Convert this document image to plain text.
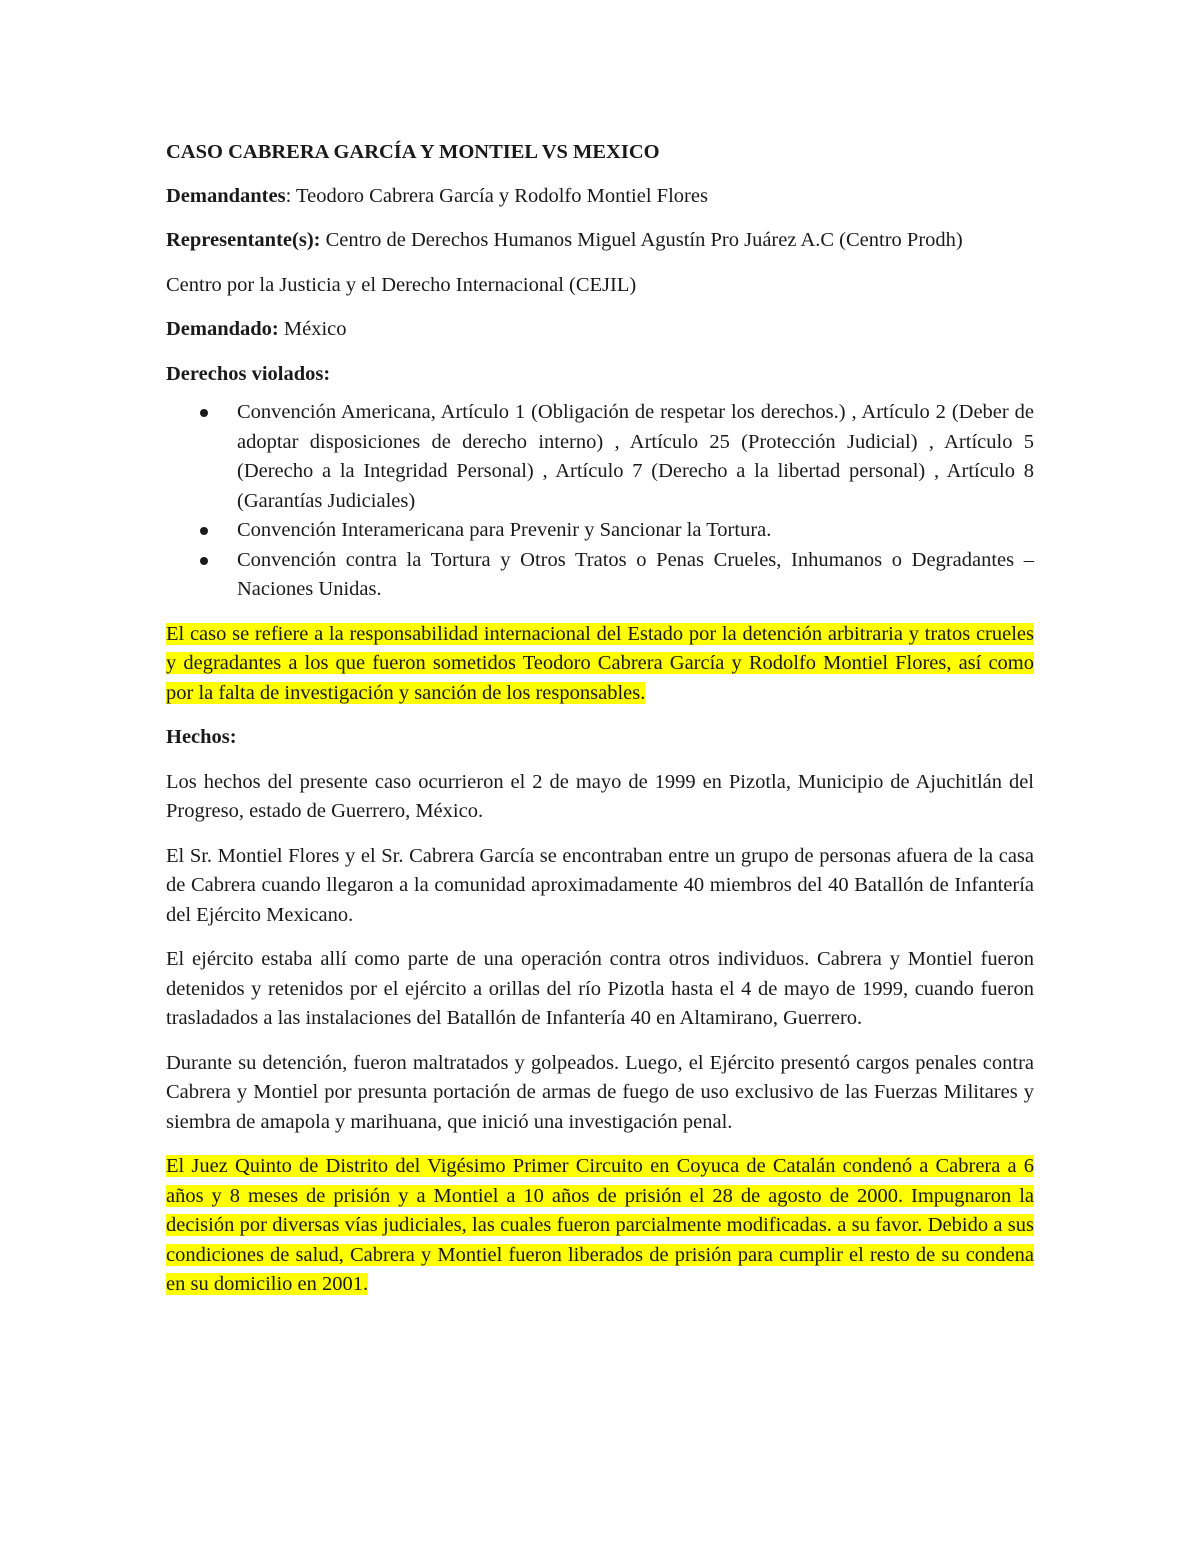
CASO CABRERA GARCÍA Y MONTIEL VS MEXICO

Demandantes: Teodoro Cabrera García y Rodolfo Montiel Flores

Representante(s): Centro de Derechos Humanos Miguel Agustín Pro Juárez A.C (Centro Prodh)

Centro por la Justicia y el Derecho Internacional (CEJIL)

Demandado: México

Derechos violados:

Convención Americana, Artículo 1 (Obligación de respetar los derechos.) , Artículo 2 (Deber de adoptar disposiciones de derecho interno) , Artículo 25 (Protección Judicial) , Artículo 5 (Derecho a la Integridad Personal) , Artículo 7 (Derecho a la libertad personal) , Artículo 8 (Garantías Judiciales)
Convención Interamericana para Prevenir y Sancionar la Tortura.
Convención contra la Tortura y Otros Tratos o Penas Crueles, Inhumanos o Degradantes – Naciones Unidas.

El caso se refiere a la responsabilidad internacional del Estado por la detención arbitraria y tratos crueles y degradantes a los que fueron sometidos Teodoro Cabrera García y Rodolfo Montiel Flores, así como por la falta de investigación y sanción de los responsables.

Hechos:

Los hechos del presente caso ocurrieron el 2 de mayo de 1999 en Pizotla, Municipio de Ajuchitlán del Progreso, estado de Guerrero, México.

El Sr. Montiel Flores y el Sr. Cabrera García se encontraban entre un grupo de personas afuera de la casa de Cabrera cuando llegaron a la comunidad aproximadamente 40 miembros del 40 Batallón de Infantería del Ejército Mexicano.

El ejército estaba allí como parte de una operación contra otros individuos. Cabrera y Montiel fueron detenidos y retenidos por el ejército a orillas del río Pizotla hasta el 4 de mayo de 1999, cuando fueron trasladados a las instalaciones del Batallón de Infantería 40 en Altamirano, Guerrero.

Durante su detención, fueron maltratados y golpeados. Luego, el Ejército presentó cargos penales contra Cabrera y Montiel por presunta portación de armas de fuego de uso exclusivo de las Fuerzas Militares y siembra de amapola y marihuana, que inició una investigación penal.

El Juez Quinto de Distrito del Vigésimo Primer Circuito en Coyuca de Catalán condenó a Cabrera a 6 años y 8 meses de prisión y a Montiel a 10 años de prisión el 28 de agosto de 2000. Impugnaron la decisión por diversas vías judiciales, las cuales fueron parcialmente modificadas. a su favor. Debido a sus condiciones de salud, Cabrera y Montiel fueron liberados de prisión para cumplir el resto de su condena en su domicilio en 2001.
